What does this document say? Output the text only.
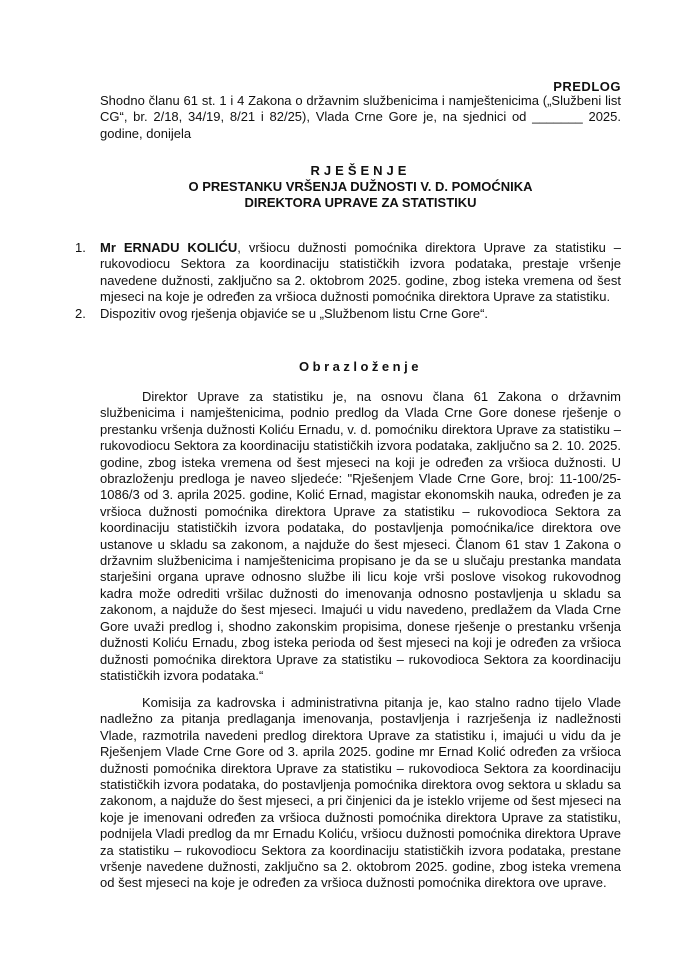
PREDLOG

Shodno članu 61 st. 1 i 4 Zakona o državnim službenicima i namještenicima („Službeni list CG“, br. 2/18, 34/19, 8/21 i 82/25), Vlada Crne Gore je, na sjednici od _______ 2025. godine, donijela

RJEŠENJE
O PRESTANKU VRŠENJA DUŽNOSTI V. D. POMOĆNIKA
DIREKTORA UPRAVE ZA STATISTIKU
1. Mr ERNADU KOLIĆU, vršiocu dužnosti pomoćnika direktora Uprave za statistiku – rukovodiocu Sektora za koordinaciju statističkih izvora podataka, prestaje vršenje navedene dužnosti, zaključno sa 2. oktobrom 2025. godine, zbog isteka vremena od šest mjeseci na koje je određen za vršioca dužnosti pomoćnika direktora Uprave za statistiku.
2. Dispozitiv ovog rješenja objaviće se u „Službenom listu Crne Gore“.
Obrazloženje

Direktor Uprave za statistiku je, na osnovu člana 61 Zakona o državnim službenicima i namještenicima, podnio predlog da Vlada Crne Gore donese rješenje o prestanku vršenja dužnosti Koliću Ernadu, v. d. pomoćniku direktora Uprave za statistiku – rukovodiocu Sektora za koordinaciju statističkih izvora podataka, zaključno sa 2. 10. 2025. godine, zbog isteka vremena od šest mjeseci na koji je određen za vršioca dužnosti. U obrazloženju predloga je naveo sljedeće: "Rješenjem Vlade Crne Gore, broj: 11-100/25-1086/3 od 3. aprila 2025. godine, Kolić Ernad, magistar ekonomskih nauka, određen je za vršioca dužnosti pomoćnika direktora Uprave za statistiku – rukovodioca Sektora za koordinaciju statističkih izvora podataka, do postavljenja pomoćnika/ice direktora ove ustanove u skladu sa zakonom, a najduže do šest mjeseci. Članom 61 stav 1 Zakona o državnim službenicima i namještenicima propisano je da se u slučaju prestanka mandata starješini organa uprave odnosno službe ili licu koje vrši poslove visokog rukovodnog kadra može odrediti vršilac dužnosti do imenovanja odnosno postavljenja u skladu sa zakonom, a najduže do šest mjeseci. Imajući u vidu navedeno, predlažem da Vlada Crne Gore uvaži predlog i, shodno zakonskim propisima, donese rješenje o prestanku vršenja dužnosti Koliću Ernadu, zbog isteka perioda od šest mjeseci na koji je određen za vršioca dužnosti pomoćnika direktora Uprave za statistiku – rukovodioca Sektora za koordinaciju statističkih izvora podataka.“

Komisija za kadrovska i administrativna pitanja je, kao stalno radno tijelo Vlade nadležno za pitanja predlaganja imenovanja, postavljenja i razrješenja iz nadležnosti Vlade, razmotrila navedeni predlog direktora Uprave za statistiku i, imajući u vidu da je Rješenjem Vlade Crne Gore od 3. aprila 2025. godine mr Ernad Kolić određen za vršioca dužnosti pomoćnika direktora Uprave za statistiku – rukovodioca Sektora za koordinaciju statističkih izvora podataka, do postavljenja pomoćnika direktora ovog sektora u skladu sa zakonom, a najduže do šest mjeseci, a pri činjenici da je isteklo vrijeme od šest mjeseci na koje je imenovani određen za vršioca dužnosti pomoćnika direktora Uprave za statistiku, podnijela Vladi predlog da mr Ernadu Koliću, vršiocu dužnosti pomoćnika direktora Uprave za statistiku – rukovodiocu Sektora za koordinaciju statističkih izvora podataka, prestane vršenje navedene dužnosti, zaključno sa 2. oktobrom 2025. godine, zbog isteka vremena od šest mjeseci na koje je određen za vršioca dužnosti pomoćnika direktora ove uprave.
